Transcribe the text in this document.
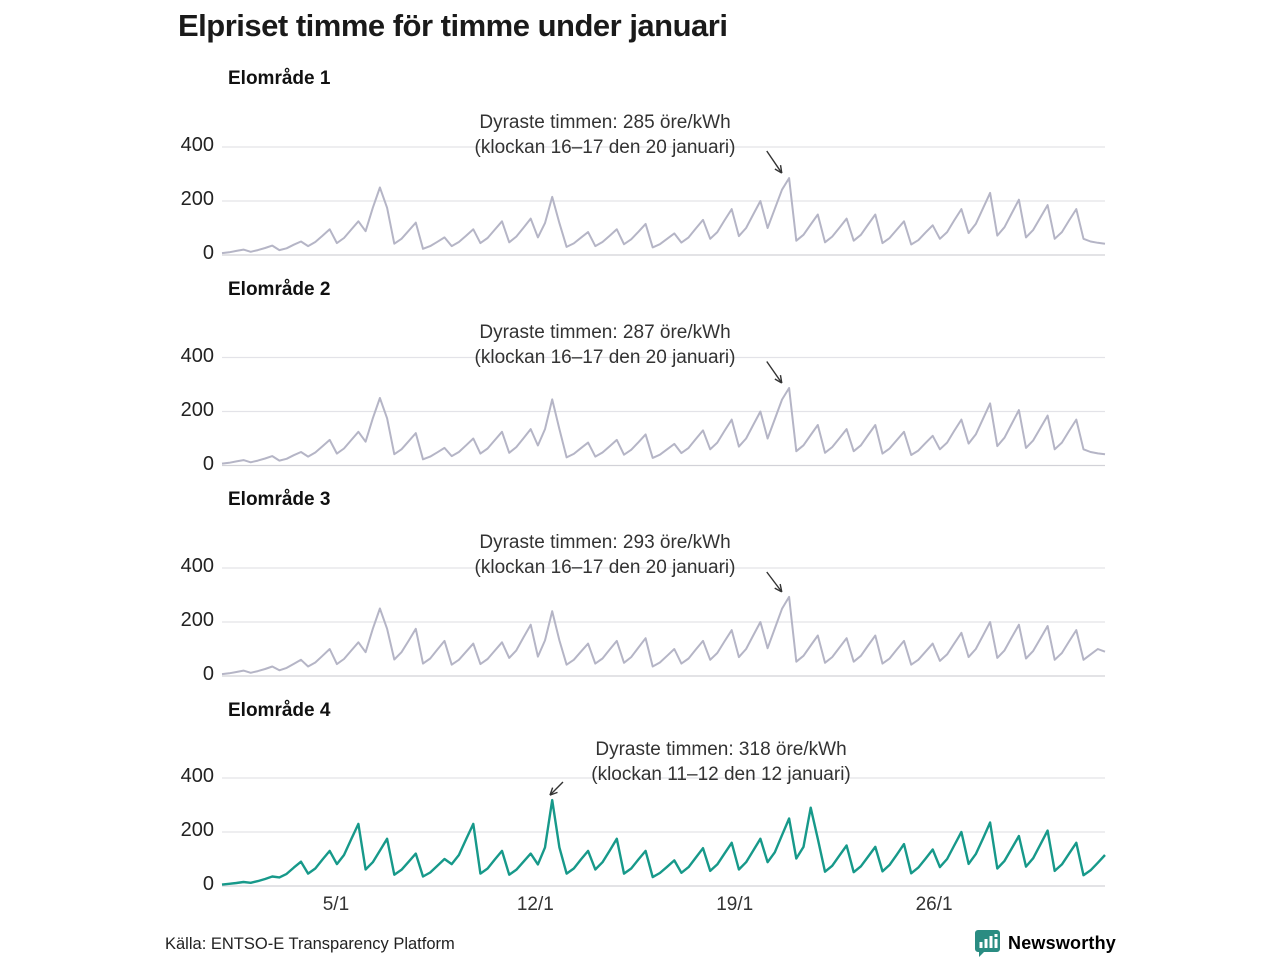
Elpriset timme för timme under januari
Elområde 1
Elområde 2
Elområde 3
Elområde 4
Dyraste timmen: 285 öre/kWh
(klockan 16–17 den 20 januari)
Dyraste timmen: 287 öre/kWh
(klockan 16–17 den 20 januari)
Dyraste timmen: 293 öre/kWh
(klockan 16–17 den 20 januari)
Dyraste timmen: 318 öre/kWh
(klockan 11–12 den 12 januari)
Källa: ENTSO-E Transparency Platform	Newsworthy
0
200
400
0
200
400
0
200
400
0
200
400
5/1	12/1	19/1	26/1
